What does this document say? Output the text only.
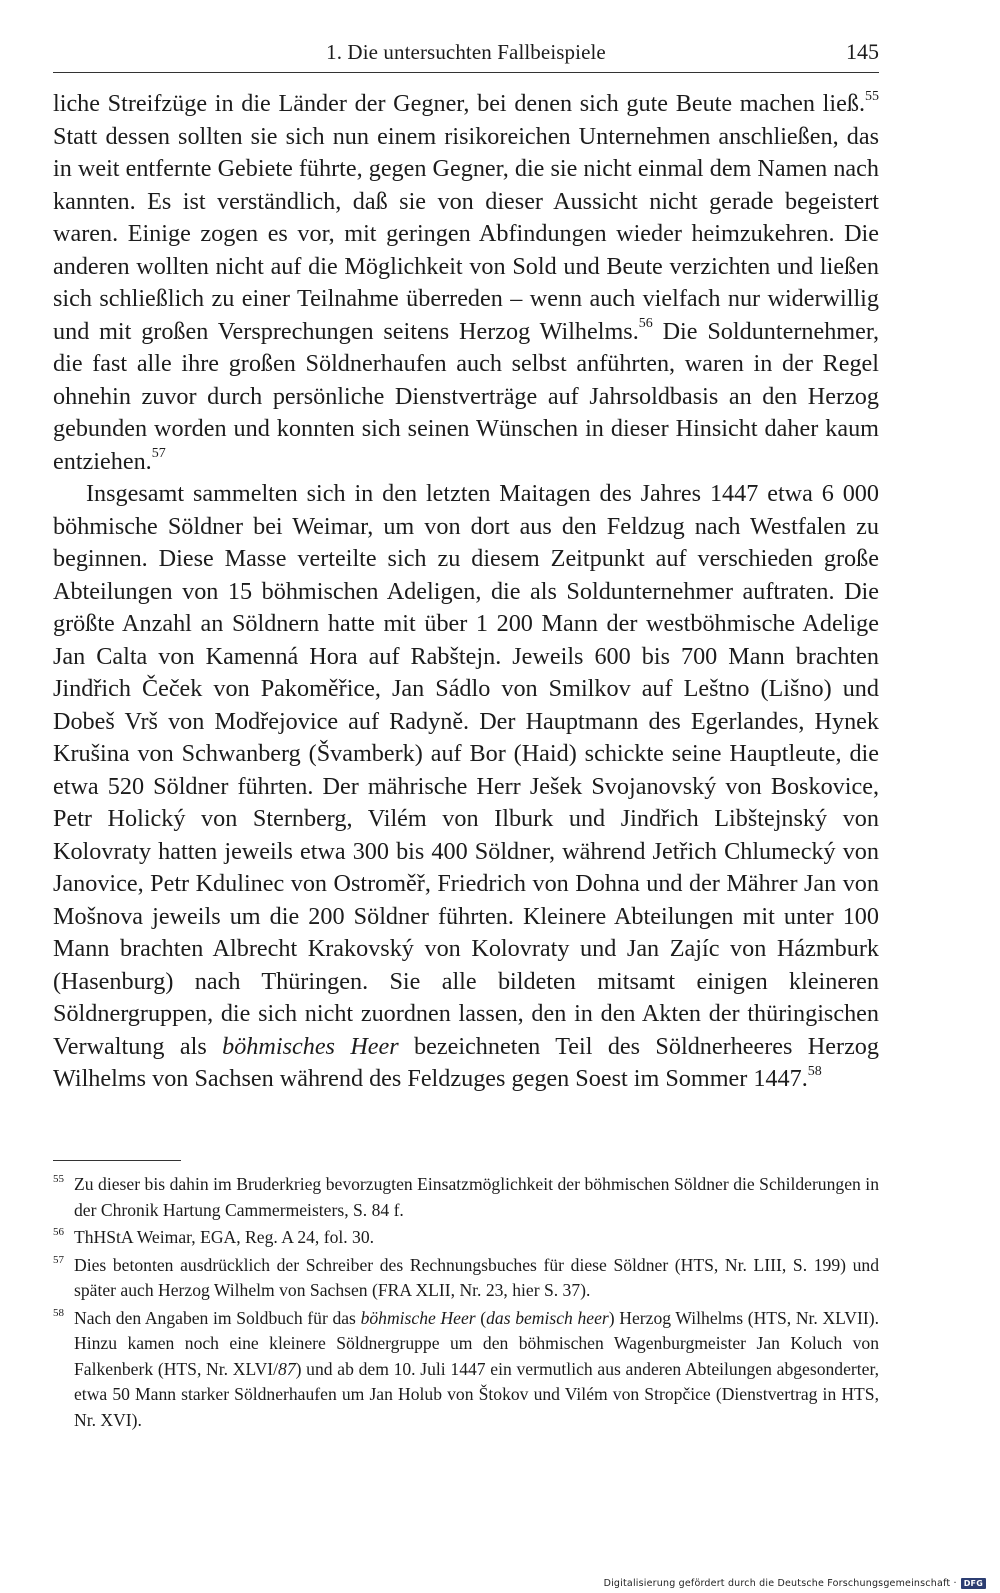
1. Die untersuchten Fallbeispiele	145

liche Streifzüge in die Länder der Gegner, bei denen sich gute Beute machen ließ.$^{55}$ Statt dessen sollten sie sich nun einem risikoreichen Unternehmen anschließen, das in weit entfernte Gebiete führte, gegen Gegner, die sie nicht einmal dem Namen nach kannten. Es ist verständlich, daß sie von dieser Aussicht nicht gerade begeistert waren. Einige zogen es vor, mit geringen Abfindungen wieder heimzukehren. Die anderen wollten nicht auf die Möglichkeit von Sold und Beute verzichten und ließen sich schließlich zu einer Teilnahme überreden – wenn auch vielfach nur widerwillig und mit großen Versprechungen seitens Herzog Wilhelms.$^{56}$ Die Soldunternehmer, die fast alle ihre großen Söldnerhaufen auch selbst anführten, waren in der Regel ohnehin zuvor durch persönliche Dienstverträge auf Jahrsoldbasis an den Herzog gebunden worden und konnten sich seinen Wünschen in dieser Hinsicht daher kaum entziehen.$^{57}$

Insgesamt sammelten sich in den letzten Maitagen des Jahres 1447 etwa 6 000 böhmische Söldner bei Weimar, um von dort aus den Feldzug nach Westfalen zu beginnen. Diese Masse verteilte sich zu diesem Zeitpunkt auf verschieden große Abteilungen von 15 böhmischen Adeligen, die als Soldunternehmer auftraten. Die größte Anzahl an Söldnern hatte mit über 1 200 Mann der westböhmische Adelige Jan Calta von Kamenná Hora auf Rabštejn. Jeweils 600 bis 700 Mann brachten Jindřich Čeček von Pakoměřice, Jan Sádlo von Smilkov auf Leštno (Lišno) und Dobeš Vrš von Modřejovice auf Radyně. Der Hauptmann des Egerlandes, Hynek Krušina von Schwanberg (Švamberk) auf Bor (Haid) schickte seine Hauptleute, die etwa 520 Söldner führten. Der mährische Herr Ješek Svojanovský von Boskovice, Petr Holický von Sternberg, Vilém von Ilburk und Jindřich Libštejnský von Kolovraty hatten jeweils etwa 300 bis 400 Söldner, während Jetřich Chlumecký von Janovice, Petr Kdulinec von Ostroměř, Friedrich von Dohna und der Mährer Jan von Mošnova jeweils um die 200 Söldner führten. Kleinere Abteilungen mit unter 100 Mann brachten Albrecht Krakovský von Kolovraty und Jan Zajíc von Házmburk (Hasenburg) nach Thüringen. Sie alle bildeten mitsamt einigen kleineren Söldnergruppen, die sich nicht zuordnen lassen, den in den Akten der thüringischen Verwaltung als böhmisches Heer bezeichneten Teil des Söldnerheeres Herzog Wilhelms von Sachsen während des Feldzuges gegen Soest im Sommer 1447.58

$^{55}$ Zu dieser bis dahin im Bruderkrieg bevorzugten Einsatzmöglichkeit der böhmischen Söldner die Schilderungen in der Chronik Hartung Cammermeisters, S. 84 f.

$^{56}$ ThHStA Weimar, EGA, Reg. A 24, fol. 30.

$^{57}$ Dies betonten ausdrücklich der Schreiber des Rechnungsbuches für diese Söldner (HTS, Nr. LIII, S. 199) und später auch Herzog Wilhelm von Sachsen (FRA XLII, Nr. 23, hier S. 37).

$^{58}$ Nach den Angaben im Soldbuch für das böhmische Heer (das bemisch heer) Herzog Wilhelms (HTS, Nr. XLVII). Hinzu kamen noch eine kleinere Söldnergruppe um den böhmischen Wagenburgmeister Jan Koluch von Falkenberk (HTS, Nr. XLVI/87) und ab dem 10. Juli 1447 ein vermutlich aus anderen Abteilungen abgesonderter, etwa 50 Mann starker Söldnerhaufen um Jan Holub von Štokov und Vilém von Stropčice (Dienstvertrag in HTS, Nr. XVI).

Digitalisierung gefördert durch die Deutsche Forschungsgemeinschaft · DFG
